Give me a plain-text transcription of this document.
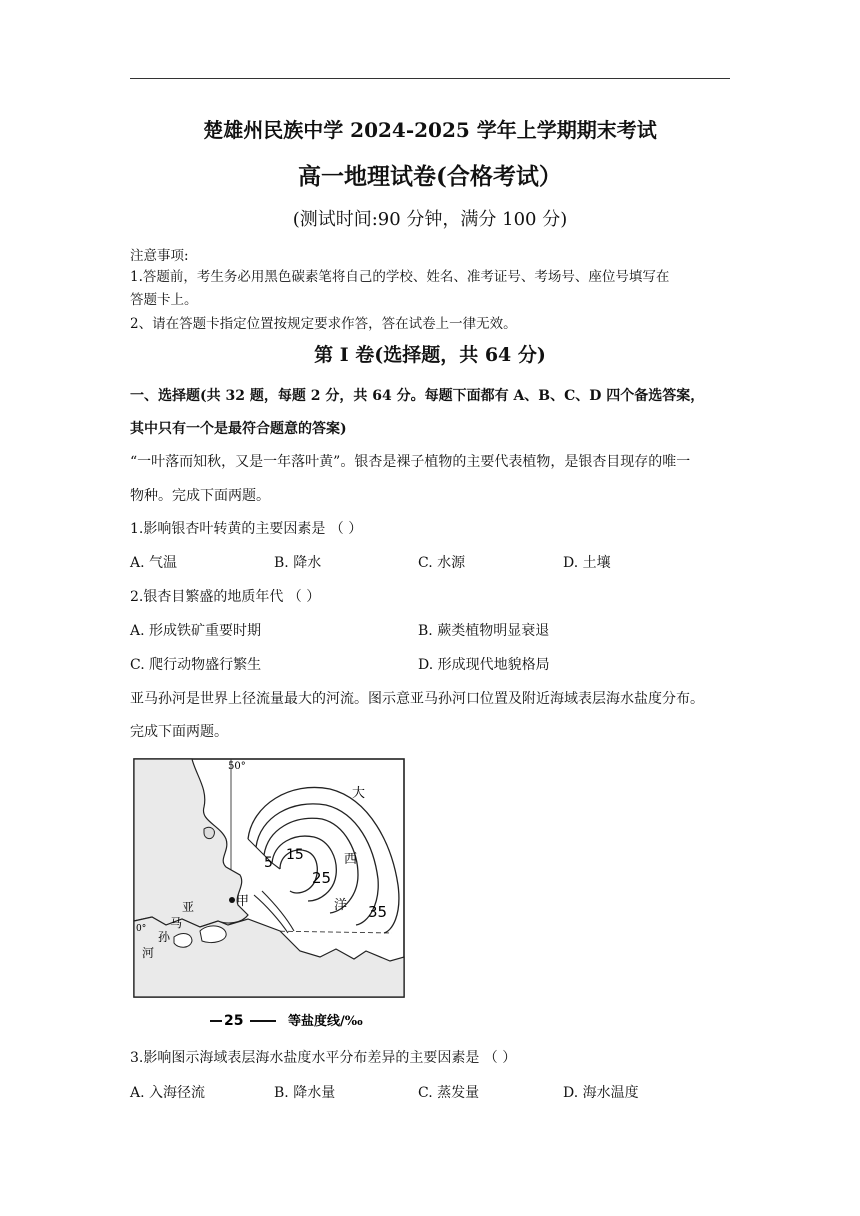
楚雄州民族中学 2024-2025 学年上学期期末考试
高一地理试卷(合格考试）
(测试时间:90 分钟，满分 100 分)
注意事项:
1.答题前，考生务必用黑色碳素笔将自己的学校、姓名、准考证号、考场号、座位号填写在
答题卡上。
2、请在答题卡指定位置按规定要求作答，答在试卷上一律无效。
第 I 卷(选择题，共 64 分)
一、选择题(共 32 题，每题 2 分，共 64 分。每题下面都有 A、B、C、D 四个备选答案，
其中只有一个是最符合题意的答案)
“一叶落而知秋，又是一年落叶黄”。银杏是裸子植物的主要代表植物，是银杏目现存的唯一
物种。完成下面两题。
1.影响银杏叶转黄的主要因素是 （ ）
A. 气温	B. 降水	C. 水源	D. 土壤
2.银杏目繁盛的地质年代 （ ）
A. 形成铁矿重要时期	B. 蕨类植物明显衰退
C. 爬行动物盛行繁生	D. 形成现代地貌格局
亚马孙河是世界上径流量最大的河流。图示意亚马孙河口位置及附近海域表层海水盐度分布。
完成下面两题。
50°
0°
大
西
洋
甲
亚
马
孙
河
5 15
25
35
25	等盐度线/‰
3.影响图示海域表层海水盐度水平分布差异的主要因素是 （ ）
A. 入海径流	B. 降水量	C. 蒸发量	D. 海水温度
